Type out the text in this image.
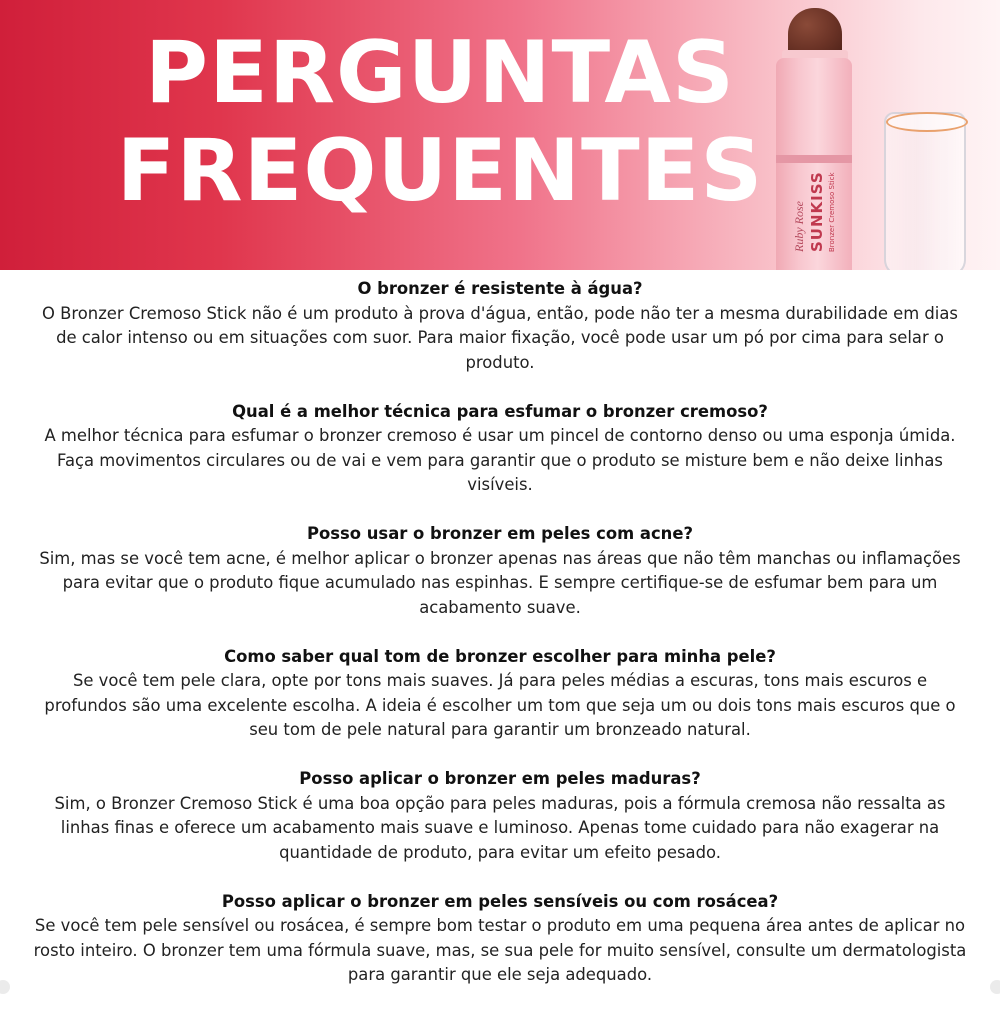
PERGUNTAS
FREQUENTES
Ruby Rose SUNKISS Bronzer Cremoso Stick

O bronzer é resistente à água?

O Bronzer Cremoso Stick não é um produto à prova d'água, então, pode não ter a mesma durabilidade em dias de calor intenso ou em situações com suor. Para maior fixação, você pode usar um pó por cima para selar o produto.

Qual é a melhor técnica para esfumar o bronzer cremoso?

A melhor técnica para esfumar o bronzer cremoso é usar um pincel de contorno denso ou uma esponja úmida. Faça movimentos circulares ou de vai e vem para garantir que o produto se misture bem e não deixe linhas visíveis.

Posso usar o bronzer em peles com acne?

Sim, mas se você tem acne, é melhor aplicar o bronzer apenas nas áreas que não têm manchas ou inflamações para evitar que o produto fique acumulado nas espinhas. E sempre certifique-se de esfumar bem para um acabamento suave.

Como saber qual tom de bronzer escolher para minha pele?

Se você tem pele clara, opte por tons mais suaves. Já para peles médias a escuras, tons mais escuros e profundos são uma excelente escolha. A ideia é escolher um tom que seja um ou dois tons mais escuros que o seu tom de pele natural para garantir um bronzeado natural.

Posso aplicar o bronzer em peles maduras?

Sim, o Bronzer Cremoso Stick é uma boa opção para peles maduras, pois a fórmula cremosa não ressalta as linhas finas e oferece um acabamento mais suave e luminoso. Apenas tome cuidado para não exagerar na quantidade de produto, para evitar um efeito pesado.

Posso aplicar o bronzer em peles sensíveis ou com rosácea?

Se você tem pele sensível ou rosácea, é sempre bom testar o produto em uma pequena área antes de aplicar no rosto inteiro. O bronzer tem uma fórmula suave, mas, se sua pele for muito sensível, consulte um dermatologista para garantir que ele seja adequado.
